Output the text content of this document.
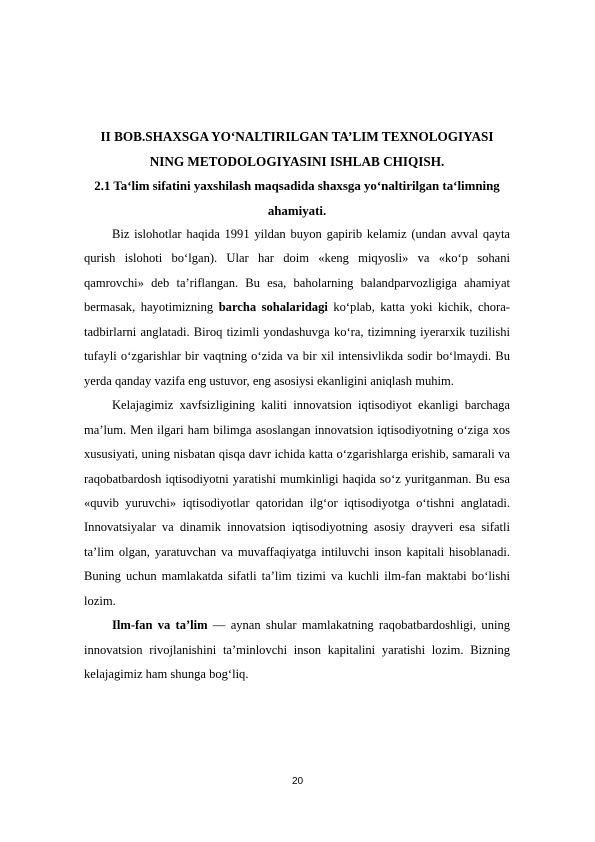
II BOB.SHAXSGA YO‘NALTIRILGAN TA’LIM TEXNOLOGIYASI NING METODOLOGIYASINI ISHLAB CHIQISH.
2.1 Ta‘lim sifatini yaxshilash maqsadida shaxsga yo‘naltirilgan ta‘limning ahamiyati.

Biz islohotlar haqida 1991 yildan buyon gapirib kelamiz (undan avval qayta qurish islohoti bo‘lgan). Ular har doim «keng miqyosli» va «ko‘p sohani qamrovchi» deb ta’riflangan. Bu esa, baholarning balandparvozligiga ahamiyat bermasak, hayotimizning barcha sohalaridagi ko‘plab, katta yoki kichik, chora-tadbirlarni anglatadi. Biroq tizimli yondashuvga ko‘ra, tizimning iyerarxik tuzilishi tufayli o‘zgarishlar bir vaqtning o‘zida va bir xil intensivlikda sodir bo‘lmaydi. Bu yerda qanday vazifa eng ustuvor, eng asosiysi ekanligini aniqlash muhim.

Kelajagimiz xavfsizligining kaliti innovatsion iqtisodiyot ekanligi barchaga ma’lum. Men ilgari ham bilimga asoslangan innovatsion iqtisodiyotning o‘ziga xos xususiyati, uning nisbatan qisqa davr ichida katta o‘zgarishlarga erishib, samarali va raqobatbardosh iqtisodiyotni yaratishi mumkinligi haqida so‘z yuritganman. Bu esa «quvib yuruvchi» iqtisodiyotlar qatoridan ilg‘or iqtisodiyotga o‘tishni anglatadi. Innovatsiyalar va dinamik innovatsion iqtisodiyotning asosiy drayveri esa sifatli ta’lim olgan, yaratuvchan va muvaffaqiyatga intiluvchi inson kapitali hisoblanadi. Buning uchun mamlakatda sifatli ta’lim tizimi va kuchli ilm-fan maktabi bo‘lishi lozim.

Ilm-fan va ta’lim — aynan shular mamlakatning raqobatbardoshligi, uning innovatsion rivojlanishini ta’minlovchi inson kapitalini yaratishi lozim. Bizning kelajagimiz ham shunga bog‘liq.

20
